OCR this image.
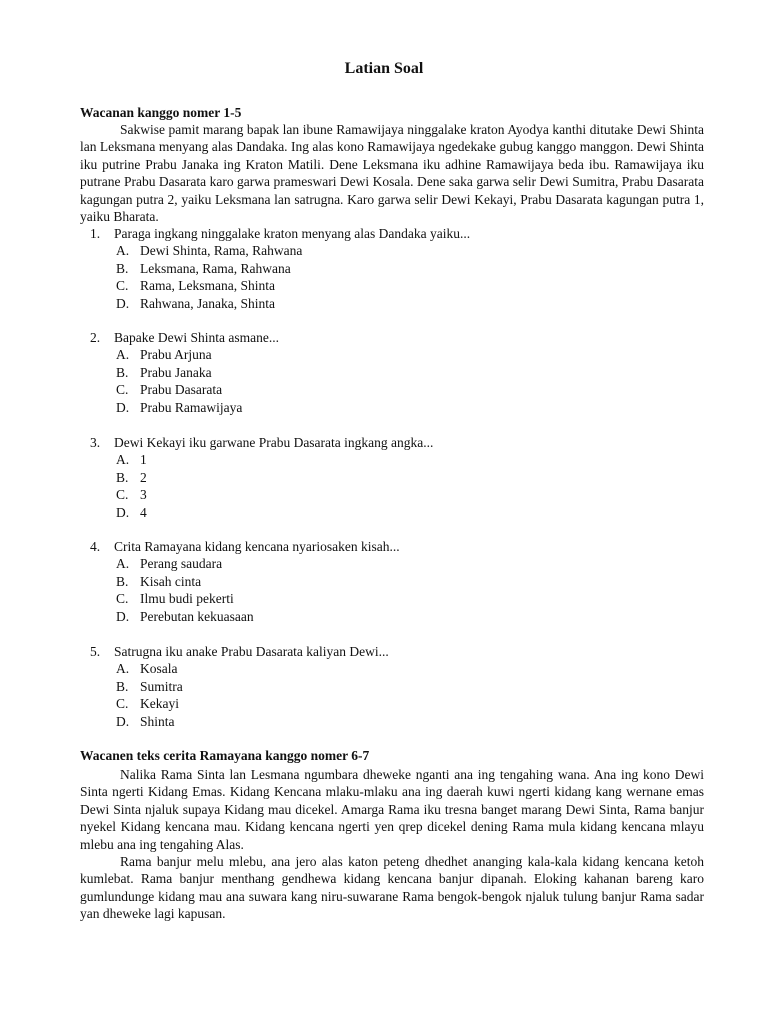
Latian Soal
Wacanan kanggo nomer 1-5

Sakwise pamit marang bapak lan ibune Ramawijaya ninggalake kraton Ayodya kanthi ditutake Dewi Shinta lan Leksmana menyang alas Dandaka. Ing alas kono Ramawijaya ngedekake gubug kanggo manggon. Dewi Shinta iku putrine Prabu Janaka ing Kraton Matili. Dene Leksmana iku adhine Ramawijaya beda ibu. Ramawijaya iku putrane Prabu Dasarata karo garwa prameswari Dewi Kosala. Dene saka garwa selir Dewi Sumitra, Prabu Dasarata kagungan putra 2, yaiku Leksmana lan satrugna. Karo garwa selir Dewi Kekayi, Prabu Dasarata kagungan putra 1, yaiku Bharata.

1.	Paraga ingkang ninggalake kraton menyang alas Dandaka yaiku...
A. Dewi Shinta, Rama, Rahwana
B. Leksmana, Rama, Rahwana
C. Rama, Leksmana, Shinta
D. Rahwana, Janaka, Shinta
2.	Bapake Dewi Shinta asmane...
A. Prabu Arjuna
B. Prabu Janaka
C. Prabu Dasarata
D. Prabu Ramawijaya
3.	Dewi Kekayi iku garwane Prabu Dasarata ingkang angka...
A. 1
B. 2
C. 3
D. 4
4.	Crita Ramayana kidang kencana nyariosaken kisah...
A. Perang saudara
B. Kisah cinta
C. Ilmu budi pekerti
D. Perebutan kekuasaan
5.	Satrugna iku anake Prabu Dasarata kaliyan Dewi...
A. Kosala
B. Sumitra
C. Kekayi
D. Shinta
Wacanen teks cerita Ramayana kanggo nomer 6-7

Nalika Rama Sinta lan Lesmana ngumbara dheweke nganti ana ing tengahing wana. Ana ing kono Dewi Sinta ngerti Kidang Emas. Kidang Kencana mlaku-mlaku ana ing daerah kuwi ngerti kidang kang wernane emas Dewi Sinta njaluk supaya Kidang mau dicekel. Amarga Rama iku tresna banget marang Dewi Sinta, Rama banjur nyekel Kidang kencana mau. Kidang kencana ngerti yen qrep dicekel dening Rama mula kidang kencana mlayu mlebu ana ing tengahing Alas.

Rama banjur melu mlebu, ana jero alas katon peteng dhedhet ananging kala-kala kidang kencana ketoh kumlebat. Rama banjur menthang gendhewa kidang kencana banjur dipanah. Eloking kahanan bareng karo gumlundunge kidang mau ana suwara kang niru-suwarane Rama bengok-bengok njaluk tulung banjur Rama sadar yan dheweke lagi kapusan.
